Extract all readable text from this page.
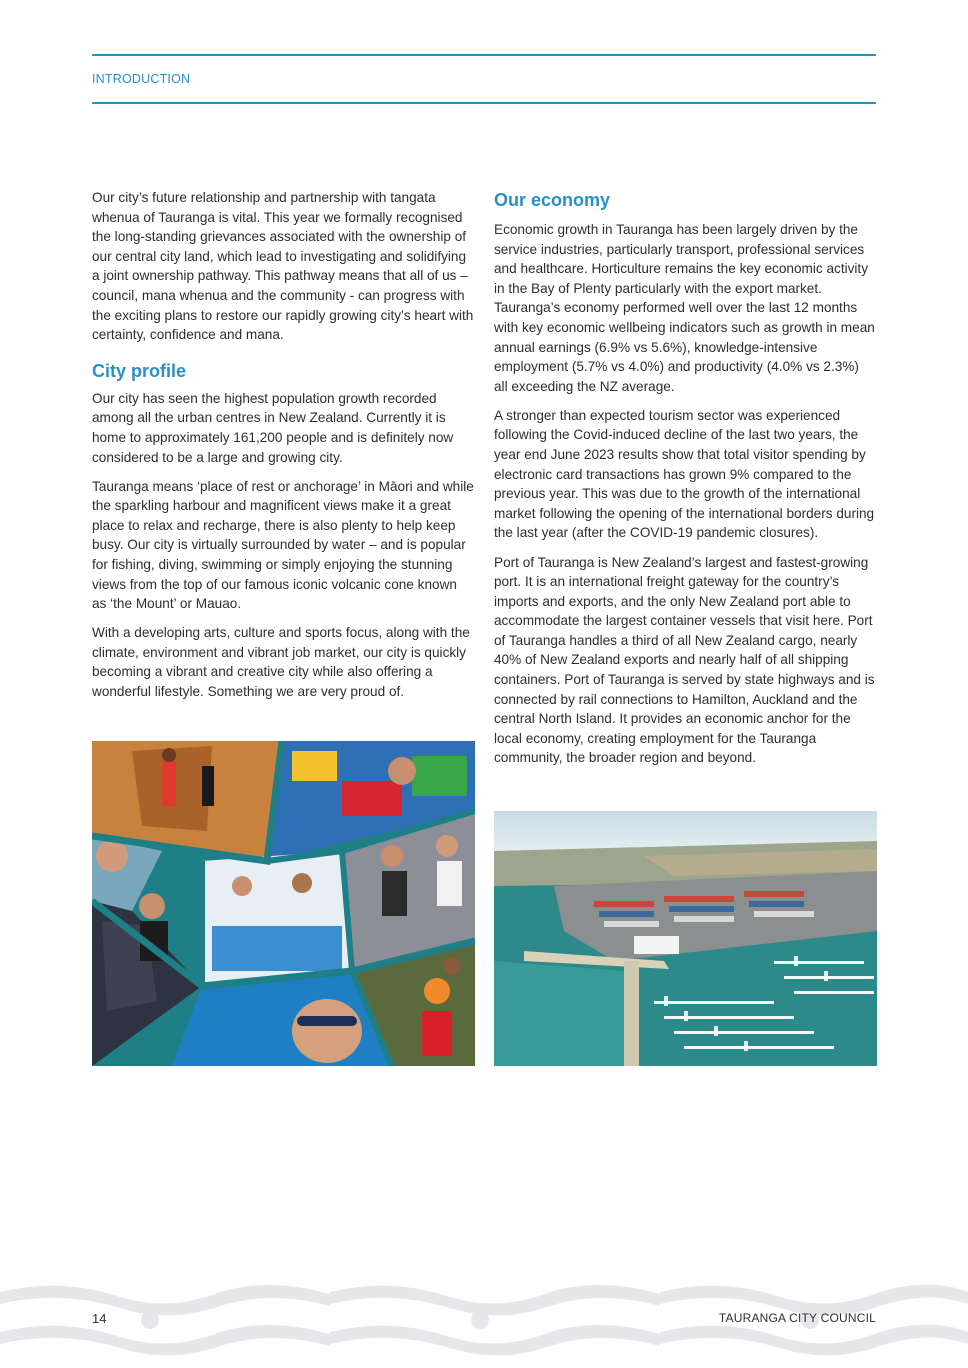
INTRODUCTION

Our city’s future relationship and partnership with tangata whenua of Tauranga is vital. This year we formally recognised the long-standing grievances associated with the ownership of our central city land, which lead to investigating and solidifying a joint ownership pathway. This pathway means that all of us – council, mana whenua and the community - can progress with the exciting plans to restore our rapidly growing city’s heart with certainty, confidence and mana.

City profile

Our city has seen the highest population growth recorded among all the urban centres in New Zealand. Currently it is home to approximately 161,200 people and is definitely now considered to be a large and growing city.

Tauranga means ‘place of rest or anchorage’ in Māori and while the sparkling harbour and magnificent views make it a great place to relax and recharge, there is also plenty to help keep busy. Our city is virtually surrounded by water – and is popular for fishing, diving, swimming or simply enjoying the stunning views from the top of our famous iconic volcanic cone known as ‘the Mount’ or Mauao.

With a developing arts, culture and sports focus, along with the climate, environment and vibrant job market, our city is quickly becoming a vibrant and creative city while also offering a wonderful lifestyle. Something we are very proud of.

Our economy

Economic growth in Tauranga has been largely driven by the service industries, particularly transport, professional services and healthcare. Horticulture remains the key economic activity in the Bay of Plenty particularly with the export market. Tauranga’s economy performed well over the last 12 months with key economic wellbeing indicators such as growth in mean annual earnings (6.9% vs 5.6%), knowledge-intensive employment (5.7% vs 4.0%) and productivity (4.0% vs 2.3%) all exceeding the NZ average.

A stronger than expected tourism sector was experienced following the Covid-induced decline of the last two years, the year end June 2023 results show that total visitor spending by electronic card transactions has grown 9% compared to the previous year. This was due to the growth of the international market following the opening of the international borders during the last year (after the COVID-19 pandemic closures).

Port of Tauranga is New Zealand’s largest and fastest-growing port. It is an international freight gateway for the country’s imports and exports, and the only New Zealand port able to accommodate the largest container vessels that visit here. Port of Tauranga handles a third of all New Zealand cargo, nearly 40% of New Zealand exports and nearly half of all shipping containers. Port of Tauranga is served by state highways and is connected by rail connections to Hamilton, Auckland and the central North Island. It provides an economic anchor for the local economy, creating employment for the Tauranga community, the broader region and beyond.

14	TAURANGA CITY COUNCIL
